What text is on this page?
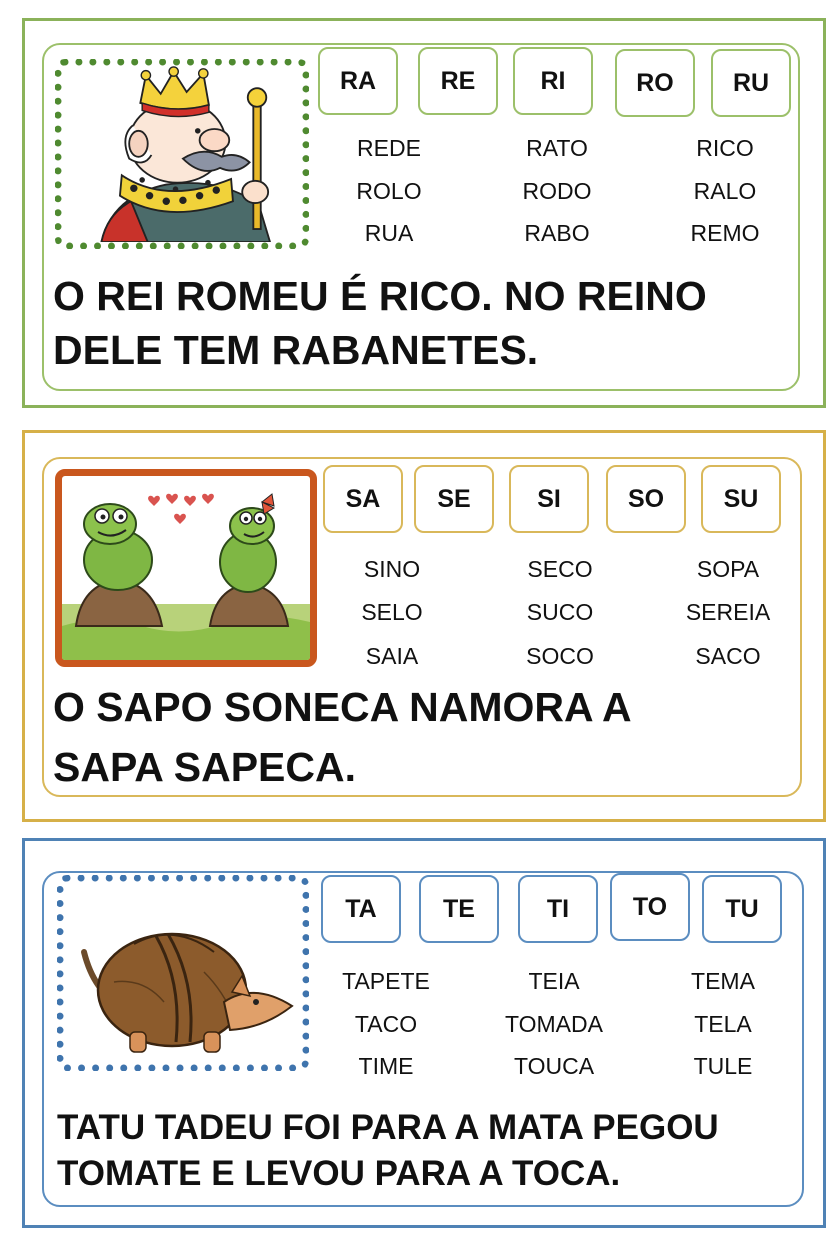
RA	RE	RI	RO	RU
REDE	RATO	RICO
ROLO	RODO	RALO
RUA	RABO	REMO
O REI ROMEU É RICO. NO REINO
DELE TEM RABANETES.
SA	SE	SI	SO	SU
SINO	SECO	SOPA
SELO	SUCO	SEREIA
SAIA	SOCO	SACO
O SAPO SONECA NAMORA A
SAPA SAPECA.
TA	TE	TI	TO	TU
TAPETE	TEIA	TEMA
TACO	TOMADA	TELA
TIME	TOUCA	TULE
TATU TADEU FOI PARA A MATA PEGOU
TOMATE E LEVOU PARA A TOCA.
